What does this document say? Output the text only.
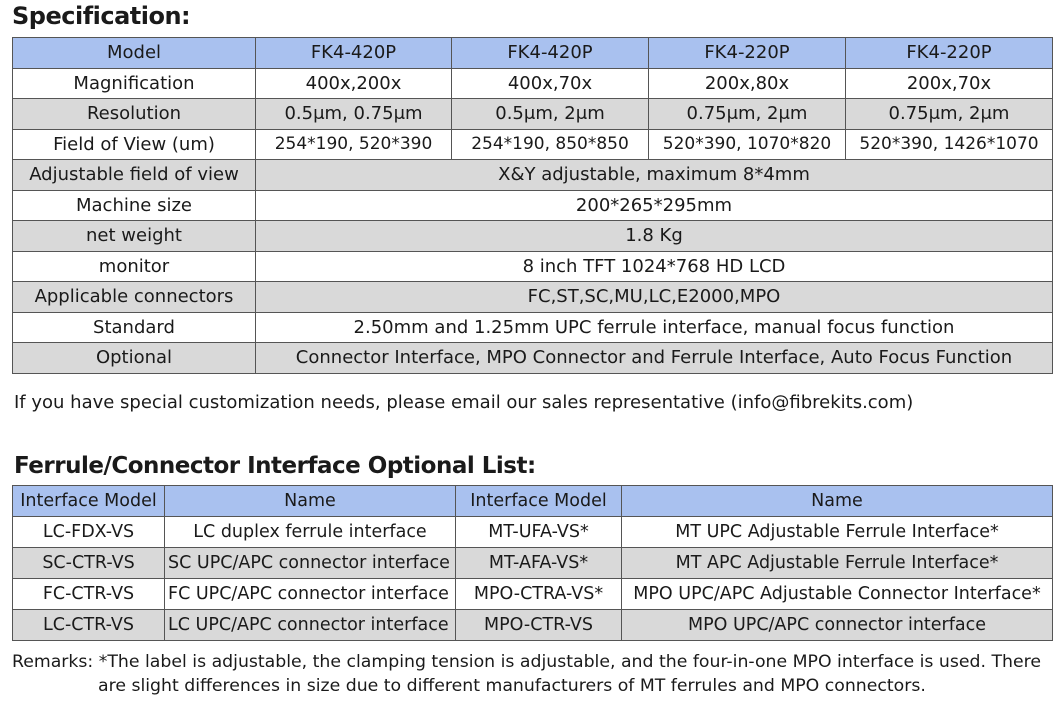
Specification:
Model	FK4-420P	FK4-420P	FK4-220P	FK4-220P
Magnification	400x,200x	400x,70x	200x,80x	200x,70x
Resolution	0.5μm, 0.75μm	0.5μm, 2μm	0.75μm, 2μm	0.75μm, 2μm
Field of View (um)	254*190, 520*390	254*190, 850*850	520*390, 1070*820	520*390, 1426*1070
Adjustable field of view	X&Y adjustable, maximum 8*4mm			
Machine size	200*265*295mm			
net weight	1.8 Kg			
monitor	8 inch TFT 1024*768 HD LCD			
Applicable connectors	FC,ST,SC,MU,LC,E2000,MPO			
Standard	2.50mm and 1.25mm UPC ferrule interface, manual focus function			
Optional	Connector Interface, MPO Connector and Ferrule Interface, Auto Focus Function			
If you have special customization needs, please email our sales representative (info@fibrekits.com)
Ferrule/Connector Interface Optional List:
Interface Model	Name	Interface Model	Name
LC-FDX-VS	LC duplex ferrule interface	MT-UFA-VS*	MT UPC Adjustable Ferrule Interface*
SC-CTR-VS	SC UPC/APC connector interface	MT-AFA-VS*	MT APC Adjustable Ferrule Interface*
FC-CTR-VS	FC UPC/APC connector interface	MPO-CTRA-VS*	MPO UPC/APC Adjustable Connector Interface*
LC-CTR-VS	LC UPC/APC connector interface	MPO-CTR-VS	MPO UPC/APC connector interface
Remarks: *The label is adjustable, the clamping tension is adjustable, and the four-in-one MPO interface is used. There
are slight differences in size due to different manufacturers of MT ferrules and MPO connectors.
